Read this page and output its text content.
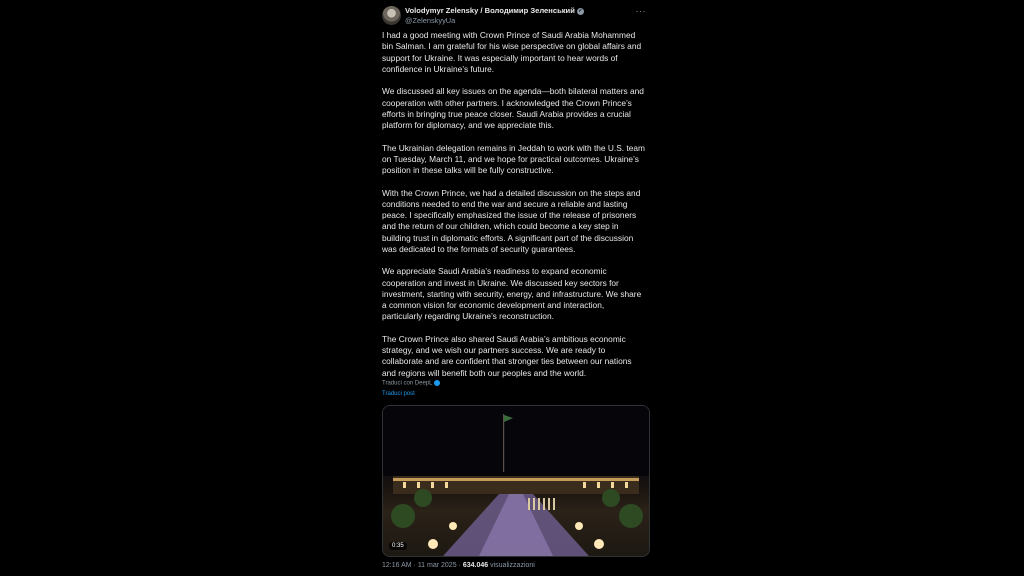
Volodymyr Zelensky / Володимир Зеленський ✓
@ZelenskyyUa
···

I had a good meeting with Crown Prince of Saudi Arabia Mohammed bin Salman. I am grateful for his wise perspective on global affairs and support for Ukraine. It was especially important to hear words of confidence in Ukraine’s future.

We discussed all key issues on the agenda—both bilateral matters and cooperation with other partners. I acknowledged the Crown Prince’s efforts in bringing true peace closer. Saudi Arabia provides a crucial platform for diplomacy, and we appreciate this.

The Ukrainian delegation remains in Jeddah to work with the U.S. team on Tuesday, March 11, and we hope for practical outcomes. Ukraine’s position in these talks will be fully constructive.

With the Crown Prince, we had a detailed discussion on the steps and conditions needed to end the war and secure a reliable and lasting peace. I specifically emphasized the issue of the release of prisoners and the return of our children, which could become a key step in building trust in diplomatic efforts. A significant part of the discussion was dedicated to the formats of security guarantees.

We appreciate Saudi Arabia’s readiness to expand economic cooperation and invest in Ukraine. We discussed key sectors for investment, starting with security, energy, and infrastructure. We share a common vision for economic development and interaction, particularly regarding Ukraine’s reconstruction.

The Crown Prince also shared Saudi Arabia’s ambitious economic strategy, and we wish our partners success. We are ready to collaborate and are confident that stronger ties between our nations and regions will benefit both our peoples and the world.

Traduci con DeepL
Traduci post
0:35
12:16 AM · 11 mar 2025 · 634.046 visualizzazioni
